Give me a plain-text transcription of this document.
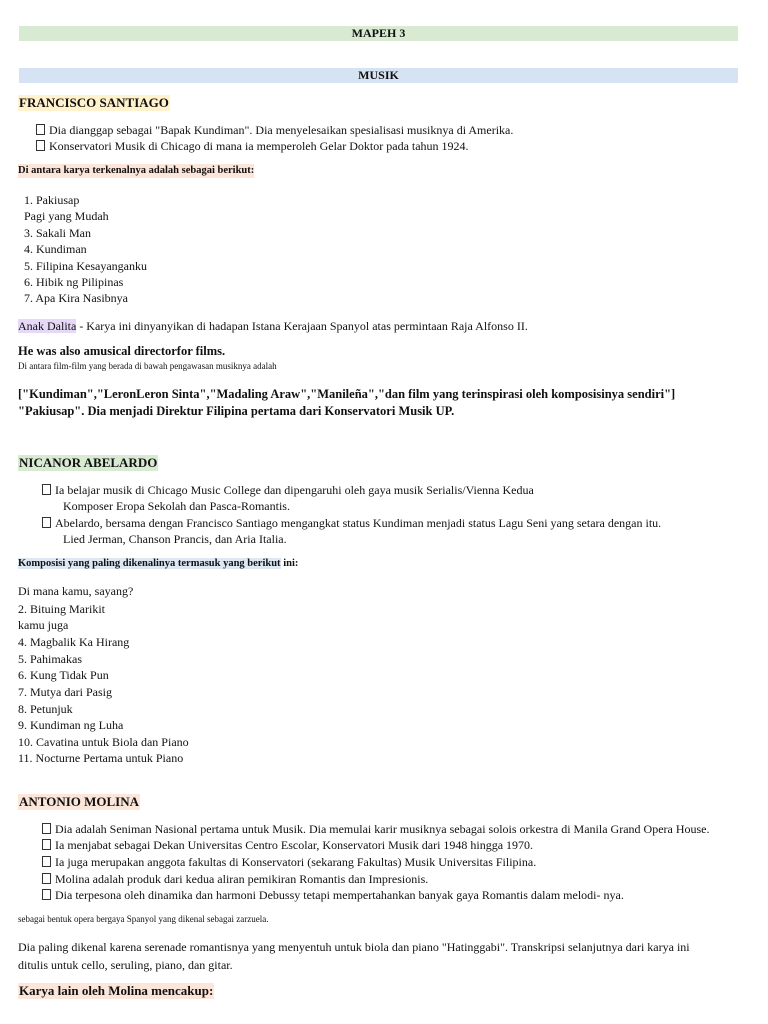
MAPEH 3
MUSIK
FRANCISCO SANTIAGO
Dia dianggap sebagai "Bapak Kundiman". Dia menyelesaikan spesialisasi musiknya di Amerika.
Konservatori Musik di Chicago di mana ia memperoleh Gelar Doktor pada tahun 1924.
Di antara karya terkenalnya adalah sebagai berikut:
1. Pakiusap
Pagi yang Mudah
3. Sakali Man
4. Kundiman
5. Filipina Kesayanganku
6. Hibik ng Pilipinas
7. Apa Kira Nasibnya
Anak Dalita - Karya ini dinyanyikan di hadapan Istana Kerajaan Spanyol atas permintaan Raja Alfonso II.
He was also amusical directorfor films.
Di antara film-film yang berada di bawah pengawasan musiknya adalah
["Kundiman","LeronLeron Sinta","Madaling Araw","Manileña","dan film yang terinspirasi oleh komposisinya sendiri"]
"Pakiusap". Dia menjadi Direktur Filipina pertama dari Konservatori Musik UP.
NICANOR ABELARDO
Ia belajar musik di Chicago Music College dan dipengaruhi oleh gaya musik Serialis/Vienna Kedua
Komposer Eropa Sekolah dan Pasca-Romantis.
Abelardo, bersama dengan Francisco Santiago mengangkat status Kundiman menjadi status Lagu Seni yang setara dengan itu.
Lied Jerman, Chanson Prancis, dan Aria Italia.
Komposisi yang paling dikenalinya termasuk yang berikut ini:
Di mana kamu, sayang?
2. Bituing Marikit
kamu juga
4. Magbalik Ka Hirang
5. Pahimakas
6. Kung Tidak Pun
7. Mutya dari Pasig
8. Petunjuk
9. Kundiman ng Luha
10. Cavatina untuk Biola dan Piano
11. Nocturne Pertama untuk Piano
ANTONIO MOLINA
Dia adalah Seniman Nasional pertama untuk Musik. Dia memulai karir musiknya sebagai solois orkestra di Manila Grand Opera House.
Ia menjabat sebagai Dekan Universitas Centro Escolar, Konservatori Musik dari 1948 hingga 1970.
Ia juga merupakan anggota fakultas di Konservatori (sekarang Fakultas) Musik Universitas Filipina.
Molina adalah produk dari kedua aliran pemikiran Romantis dan Impresionis.
Dia terpesona oleh dinamika dan harmoni Debussy tetapi mempertahankan banyak gaya Romantis dalam melodi- nya.
sebagai bentuk opera bergaya Spanyol yang dikenal sebagai zarzuela.
Dia paling dikenal karena serenade romantisnya yang menyentuh untuk biola dan piano "Hatinggabi". Transkripsi selanjutnya dari karya ini
ditulis untuk cello, seruling, piano, dan gitar.
Karya lain oleh Molina mencakup:
